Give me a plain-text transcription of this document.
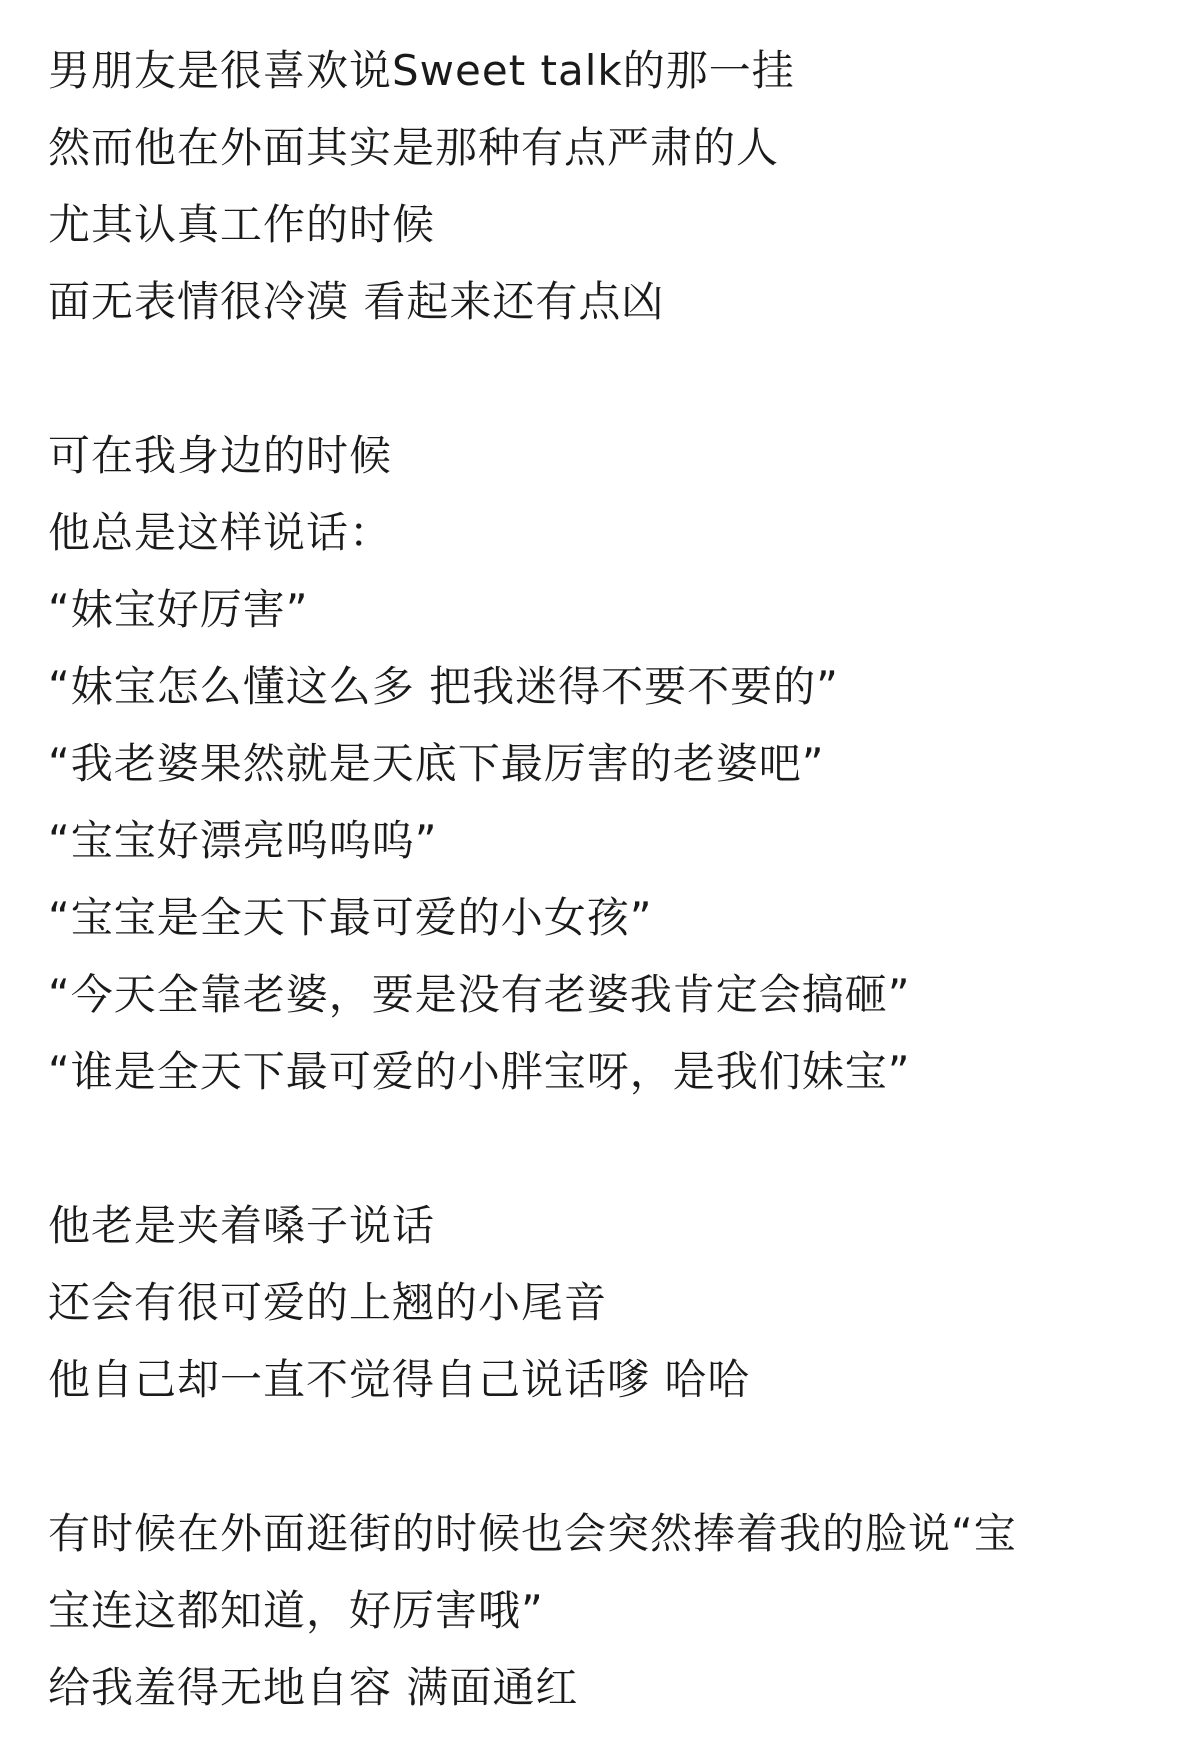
男朋友是很喜欢说Sweet talk的那一挂
然而他在外面其实是那种有点严肃的人
尤其认真工作的时候
面无表情很冷漠 看起来还有点凶
可在我身边的时候
他总是这样说话：
“妹宝好厉害”
“妹宝怎么懂这么多 把我迷得不要不要的”
“我老婆果然就是天底下最厉害的老婆吧”
“宝宝好漂亮呜呜呜”
“宝宝是全天下最可爱的小女孩”
“今天全靠老婆，要是没有老婆我肯定会搞砸”
“谁是全天下最可爱的小胖宝呀，是我们妹宝”
他老是夹着嗓子说话
还会有很可爱的上翘的小尾音
他自己却一直不觉得自己说话嗲 哈哈
有时候在外面逛街的时候也会突然捧着我的脸说“宝
宝连这都知道，好厉害哦”
给我羞得无地自容 满面通红
